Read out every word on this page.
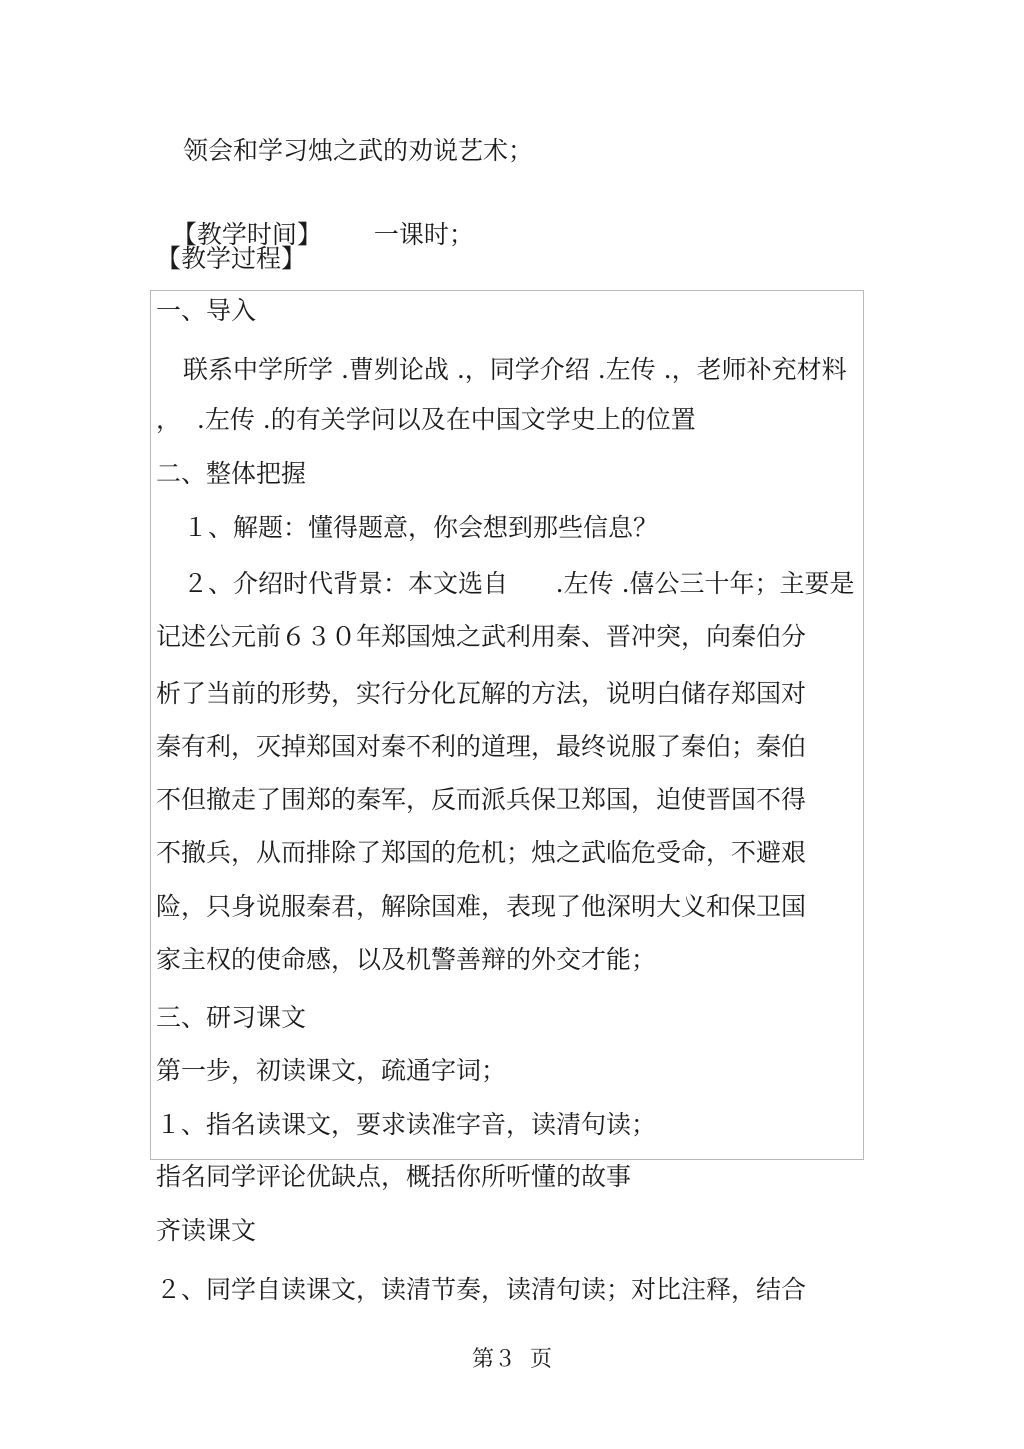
领会和学习烛之武的劝说艺术；

【教学时间】 一课时；

【教学过程】

一、导入

联系中学所学 .曹刿论战 .，同学介绍 .左传 .，老师补充材料

，  .左传 .的有关学问以及在中国文学史上的位置

二、整体把握

１、解题：懂得题意，你会想到那些信息？

２、介绍时代背景：本文选自      .左传 .僖公三十年；主要是

记述公元前６３０年郑国烛之武利用秦、晋冲突，向秦伯分

析了当前的形势，实行分化瓦解的方法，说明白储存郑国对

秦有利，灭掉郑国对秦不利的道理，最终说服了秦伯；秦伯

不但撤走了围郑的秦军，反而派兵保卫郑国，迫使晋国不得

不撤兵，从而排除了郑国的危机；烛之武临危受命，不避艰

险，只身说服秦君，解除国难，表现了他深明大义和保卫国

家主权的使命感，以及机警善辩的外交才能；

三、研习课文

第一步，初读课文，疏通字词；

１、指名读课文，要求读准字音，读清句读；

指名同学评论优缺点，概括你所听懂的故事

齐读课文

２、同学自读课文，读清节奏，读清句读；对比注释，结合

第３  页
